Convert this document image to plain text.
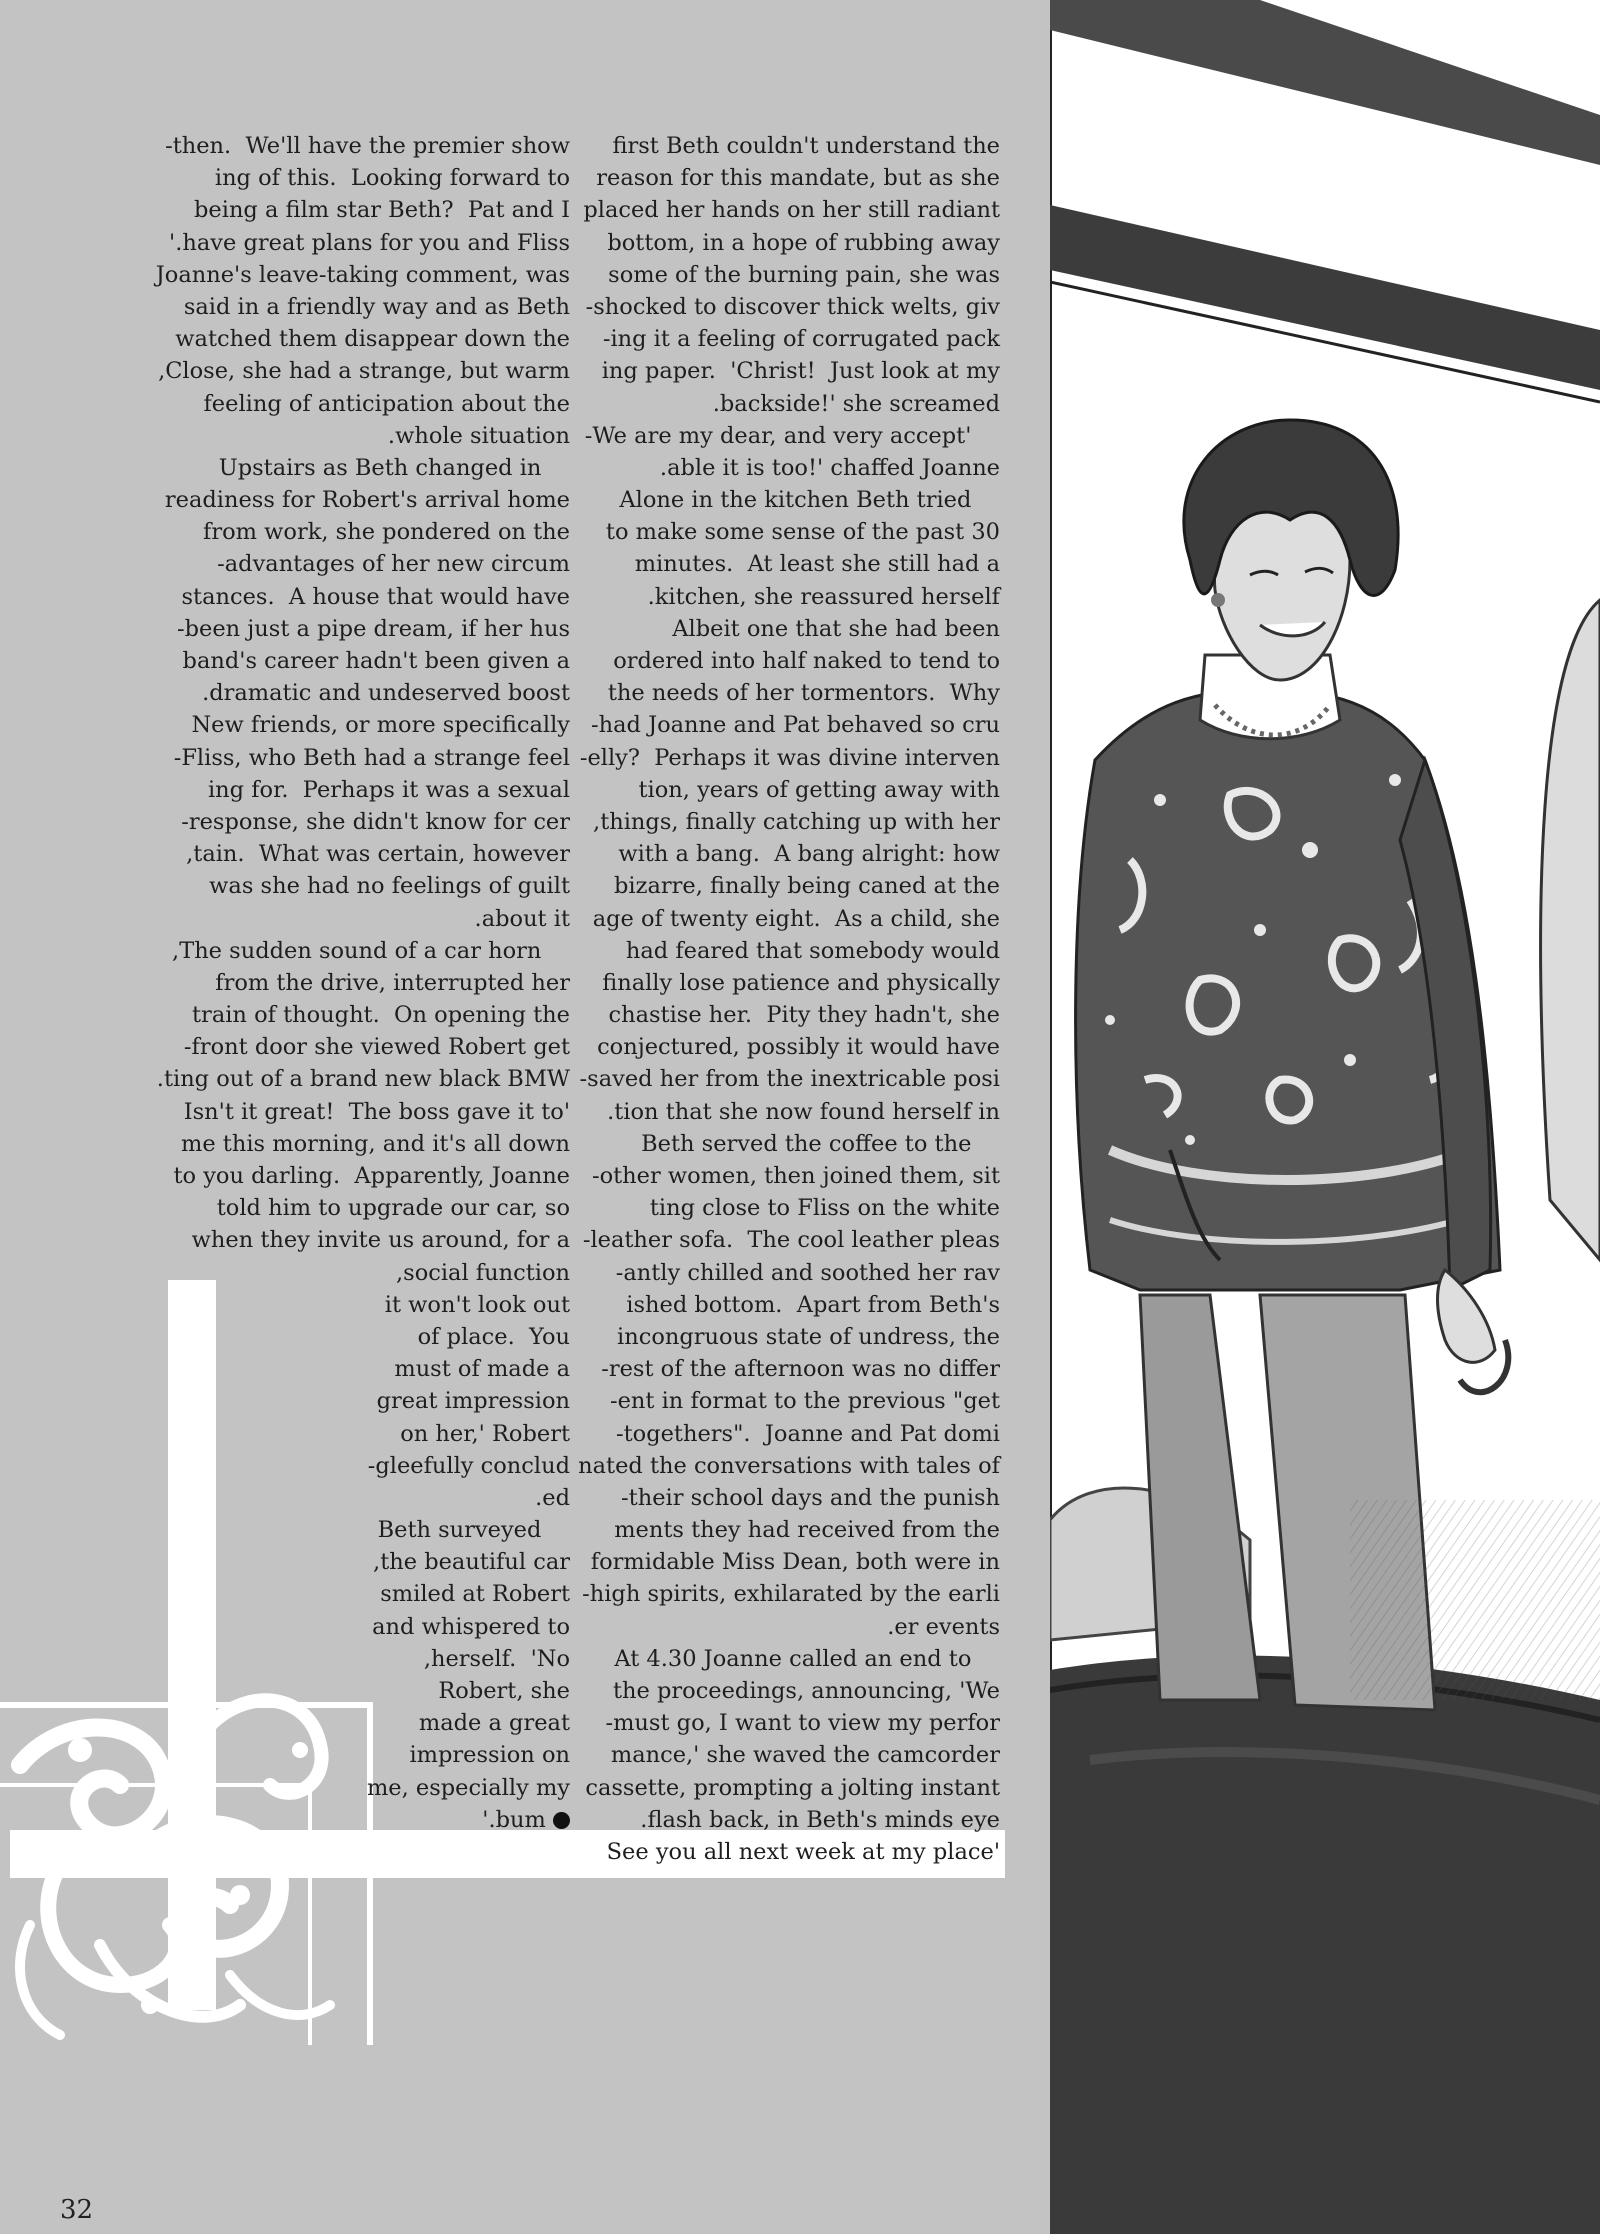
then.  We'll have the premier show-
ing of this.  Looking forward to
being a film star Beth?  Pat and I
have great plans for you and Fliss.'
Joanne's leave-taking comment, was
said in a friendly way and as Beth
watched them disappear down the
Close, she had a strange, but warm,
feeling of anticipation about the
whole situation.
Upstairs as Beth changed in
readiness for Robert's arrival home
from work, she pondered on the
advantages of her new circum-
stances.  A house that would have
been just a pipe dream, if her hus-
band's career hadn't been given a
dramatic and undeserved boost.
New friends, or more specifically
Fliss, who Beth had a strange feel-
ing for.  Perhaps it was a sexual
response, she didn't know for cer-
tain.  What was certain, however,
was she had no feelings of guilt
about it.
The sudden sound of a car horn,
from the drive, interrupted her
train of thought.  On opening the
front door she viewed Robert get-
ting out of a brand new black BMW.
'Isn't it great!  The boss gave it to
me this morning, and it's all down
to you darling.  Apparently, Joanne
told him to upgrade our car, so
when they invite us around, for a
social function,
it won't look out
of place.  You
must of made a
great impression
on her,' Robert
gleefully conclud-
ed.
Beth surveyed
the beautiful car,
smiled at Robert
and whispered to
herself.  'No,
Robert, she
made a great
impression on
me, especially my
bum.'
first Beth couldn't understand the
reason for this mandate, but as she
placed her hands on her still radiant
bottom, in a hope of rubbing away
some of the burning pain, she was
shocked to discover thick welts, giv-
ing it a feeling of corrugated pack-
ing paper.  'Christ!  Just look at my
backside!' she screamed.
'We are my dear, and very accept-
able it is too!' chaffed Joanne.
Alone in the kitchen Beth tried
to make some sense of the past 30
minutes.  At least she still had a
kitchen, she reassured herself.
Albeit one that she had been
ordered into half naked to tend to
the needs of her tormentors.  Why
had Joanne and Pat behaved so cru-
elly?  Perhaps it was divine interven-
tion, years of getting away with
things, finally catching up with her,
with a bang.  A bang alright: how
bizarre, finally being caned at the
age of twenty eight.  As a child, she
had feared that somebody would
finally lose patience and physically
chastise her.  Pity they hadn't, she
conjectured, possibly it would have
saved her from the inextricable posi-
tion that she now found herself in.
Beth served the coffee to the
other women, then joined them, sit-
ting close to Fliss on the white
leather sofa.  The cool leather pleas-
antly chilled and soothed her rav-
ished bottom.  Apart from Beth's
incongruous state of undress, the
rest of the afternoon was no differ-
ent in format to the previous "get-
togethers".  Joanne and Pat domi-
nated the conversations with tales of
their school days and the punish-
ments they had received from the
formidable Miss Dean, both were in
high spirits, exhilarated by the earli-
er events.
At 4.30 Joanne called an end to
the proceedings, announcing, 'We
must go, I want to view my perfor-
mance,' she waved the camcorder
cassette, prompting a jolting instant
flash back, in Beth's minds eye.
'See you all next week at my place
23
